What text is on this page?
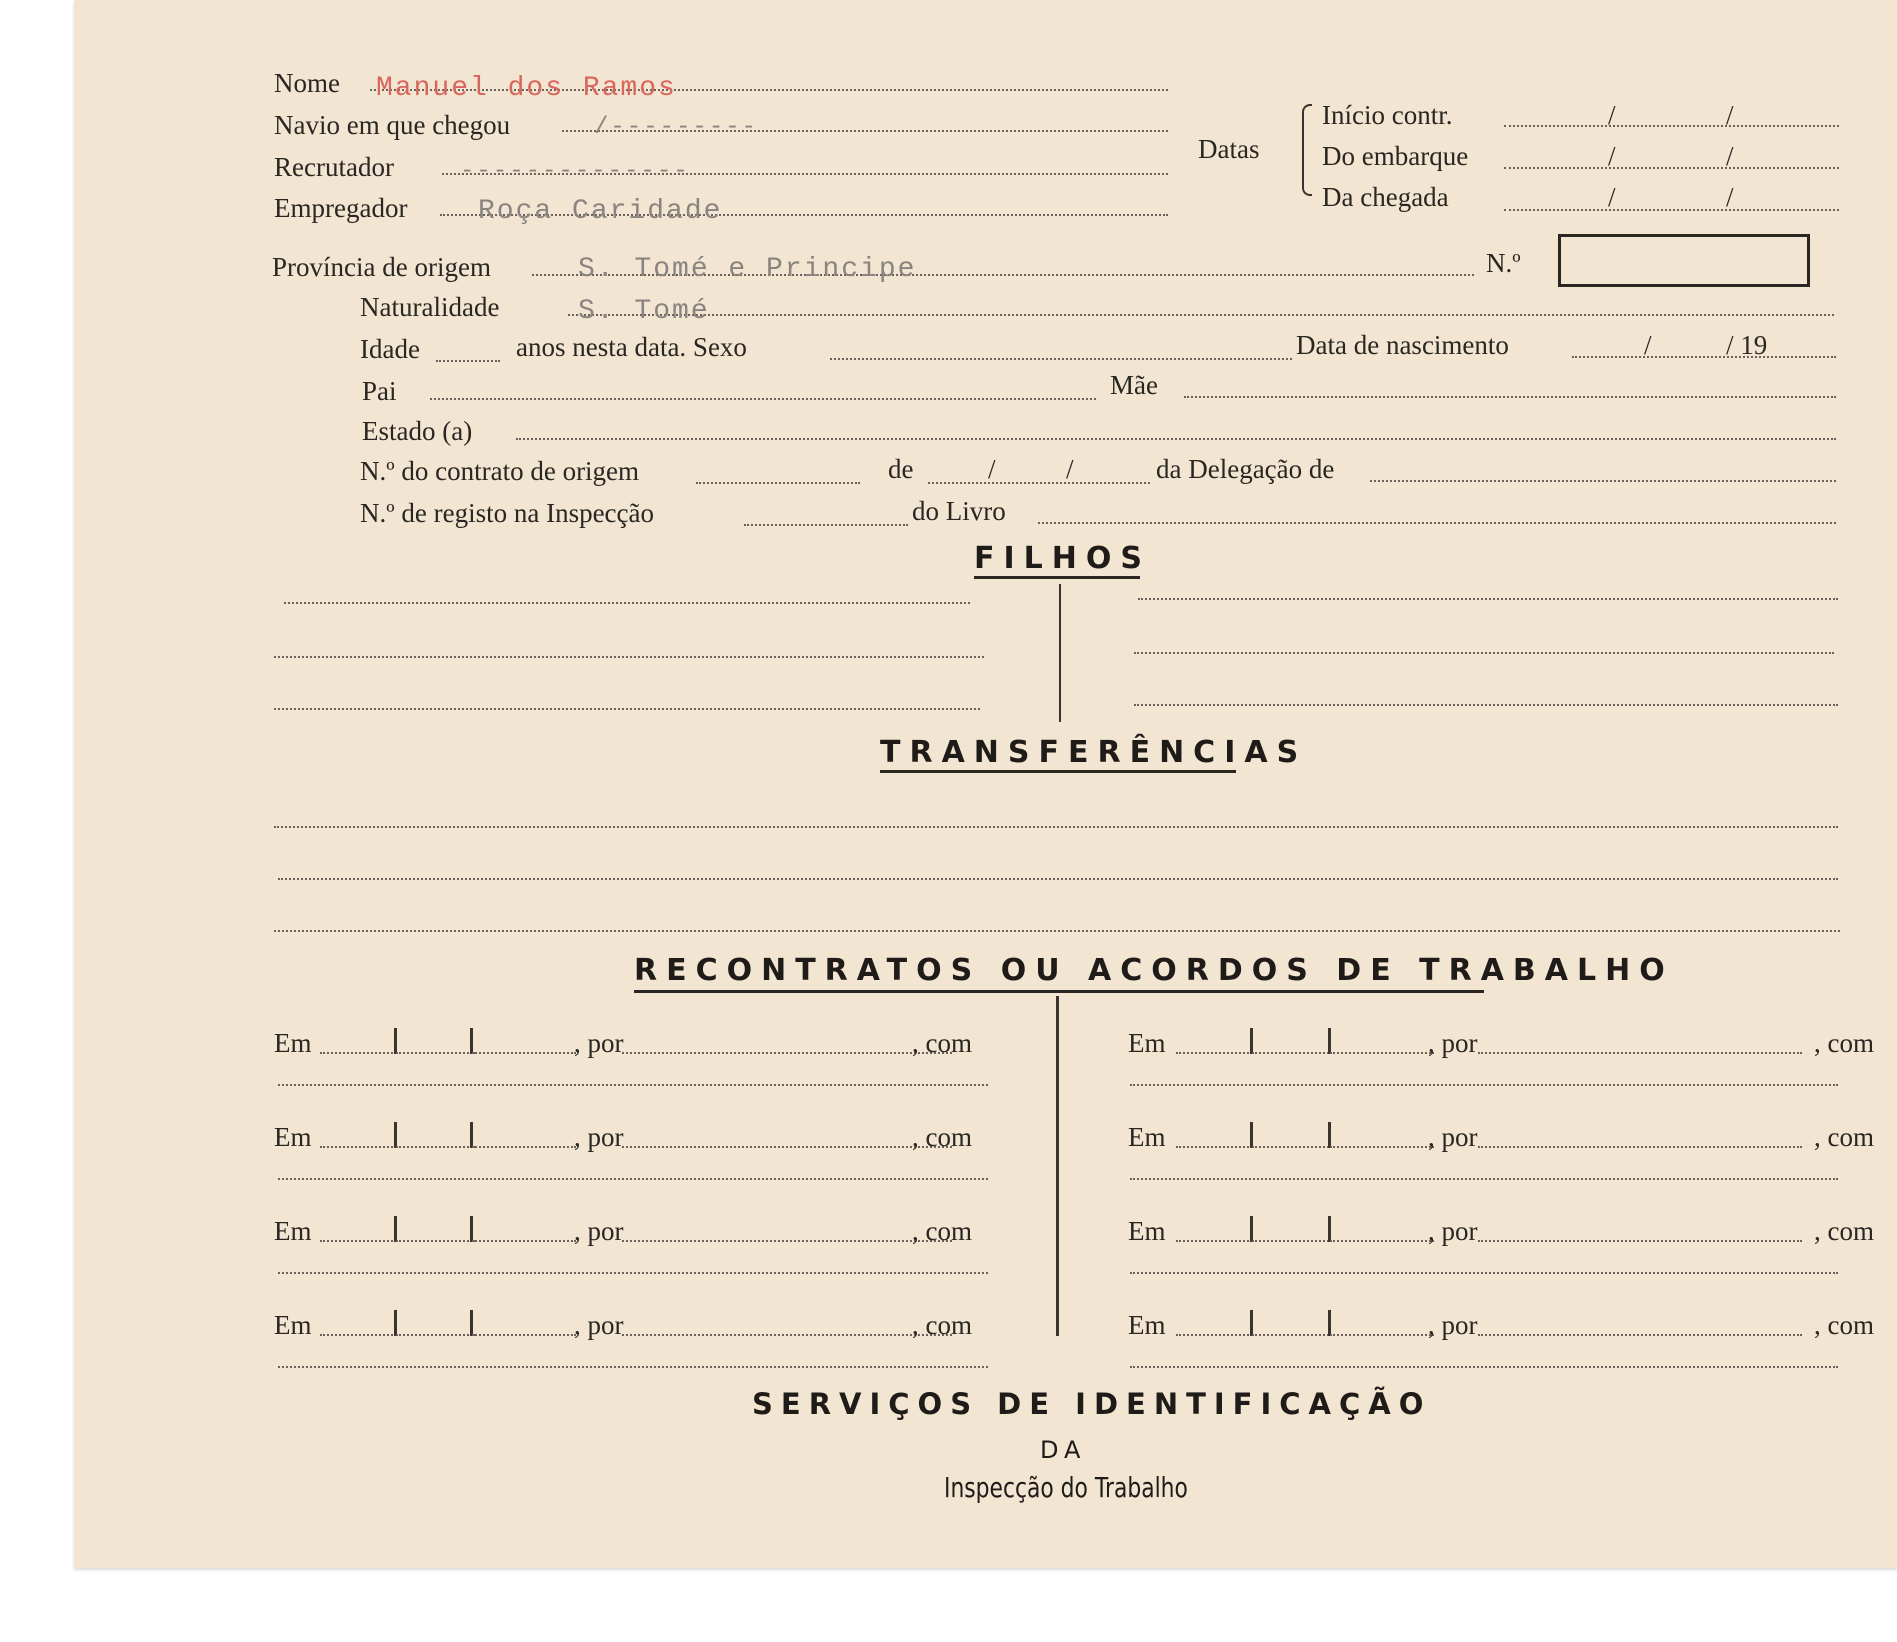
Nome Manuel dos Ramos
Navio em que chegou	/---------
Recrutador	--------------
Empregador	Roça Caridade
Datas
Início contr.	/	/
Do embarque	/	/
Da chegada	/	/
Província de origem	S. Tomé e Principe	N.º
Naturalidade	S. Tomé
Idade	anos nesta data. Sexo	Data de nascimento	/	/ 19
Pai	Mãe
Estado (a)
N.º do contrato de origem	de	/	/	da Delegação de
N.º de registo na Inspecção	do Livro
FILHOS
TRANSFERÊNCIAS
RECONTRATOS OU ACORDOS DE TRABALHO
Em	, por	, com	Em	, por	, com
Em	, por	, com	Em	, por	, com
Em	, por	, com	Em	, por	, com
Em	, por	, com	Em	, por	, com
SERVIÇOS DE IDENTIFICAÇÃO
DA
Inspecção do Trabalho
